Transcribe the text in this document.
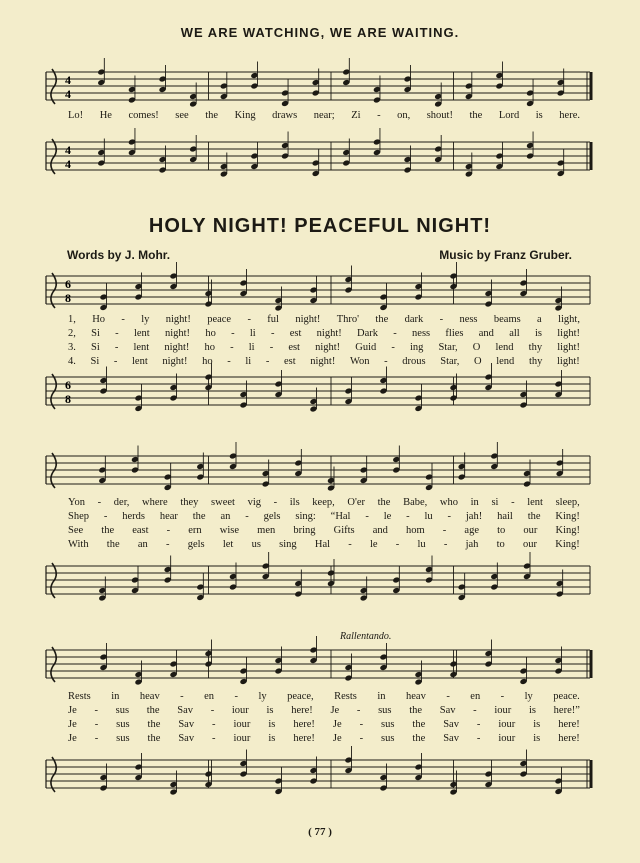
WE ARE WATCHING, WE ARE WAITING.
4
4
Lo! He comes! see the King draws near; Zi - on, shout! the Lord is here.
4
4
HOLY NIGHT! PEACEFUL NIGHT!
Words by J. Mohr.	Music by Franz Gruber.
6
8
1, Ho - ly night! peace - ful night! Thro' the dark - ness beams a light,
2, Si - lent night! ho - li - est night! Dark - ness flies and all is light!
3. Si - lent night! ho - li - est night! Guid - ing Star, O lend thy light!
4. Si - lent night! ho - li - est night! Won - drous Star, O lend thy light!
6
8
Yon - der, where they sweet vig - ils keep, O'er the Babe, who in si - lent sleep,
Shep - herds hear the an - gels sing: “Hal - le - lu - jah! hail the King!
See the east - ern wise men bring Gifts and hom - age to our King!
With the an - gels let us sing Hal - le - lu - jah to our King!
Rallentando.
Rests in heav - en - ly peace, Rests in heav - en - ly peace.
Je - sus the Sav - iour is here! Je - sus the Sav - iour is here!”
Je - sus the Sav - iour is here! Je - sus the Sav - iour is here!
Je - sus the Sav - iour is here! Je - sus the Sav - iour is here!
( 77 )
